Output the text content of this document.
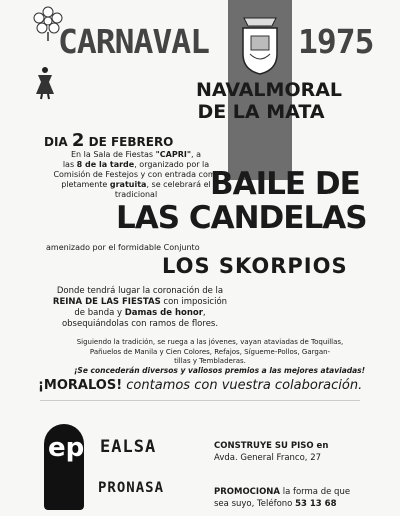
CARNAVAL	1975
NAVALMORAL
DE LA MATA
DIA 2 DE FEBRERO
En la Sala de Fiestas "CAPRI", a
las 8 de la tarde, organizado por la
Comisión de Festejos y con entrada com-
pletamente gratuita, se celebrará el
tradicional	BAILE DE
LAS CANDELAS
amenizado por el formidable Conjunto
LOS SKORPIOS
Donde tendrá lugar la coronación de la
REINA DE LAS FIESTAS con imposición
de banda y Damas de honor,
obsequiándolas con ramos de flores.
Siguiendo la tradición, se ruega a las jóvenes, vayan ataviadas de Toquillas,
Pañuelos de Manila y Cien Colores, Refajos, Sígueme-Pollos, Gargan-
tillas y Tembladeras.
¡Se concederán diversos y valiosos premios a las mejores ataviadas!
¡MORALOS! contamos con vuestra colaboración.
ep EALSA
PRONASA
CONSTRUYE SU PISO en
Avda. General Franco, 27
PROMOCIONA la forma de que
sea suyo, Teléfono 53 13 68
